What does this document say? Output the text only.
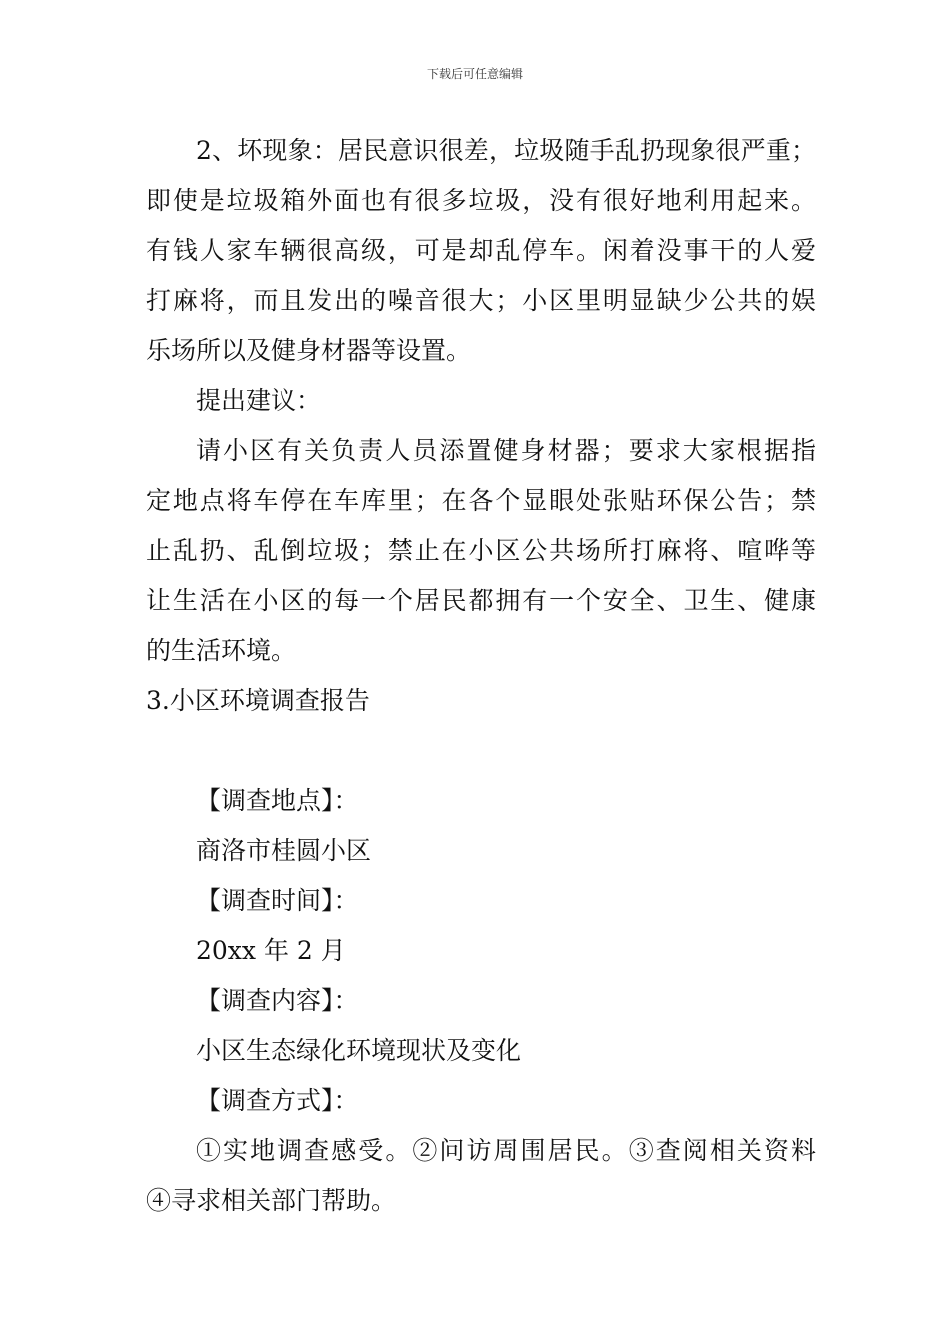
下载后可任意编辑
2、坏现象：居民意识很差，垃圾随手乱扔现象很严重；
即使是垃圾箱外面也有很多垃圾，没有很好地利用起来。
有钱人家车辆很高级，可是却乱停车。闲着没事干的人爱
打麻将，而且发出的噪音很大；小区里明显缺少公共的娱
乐场所以及健身材器等设置。
提出建议：
请小区有关负责人员添置健身材器；要求大家根据指
定地点将车停在车库里；在各个显眼处张贴环保公告；禁
止乱扔、乱倒垃圾；禁止在小区公共场所打麻将、喧哗等
让生活在小区的每一个居民都拥有一个安全、卫生、健康
的生活环境。
3.小区环境调查报告
【调查地点】：
商洛市桂圆小区
【调查时间】：
20xx 年 2 月
【调查内容】：
小区生态绿化环境现状及变化
【调查方式】：
①实地调查感受。②问访周围居民。③查阅相关资料
④寻求相关部门帮助。
